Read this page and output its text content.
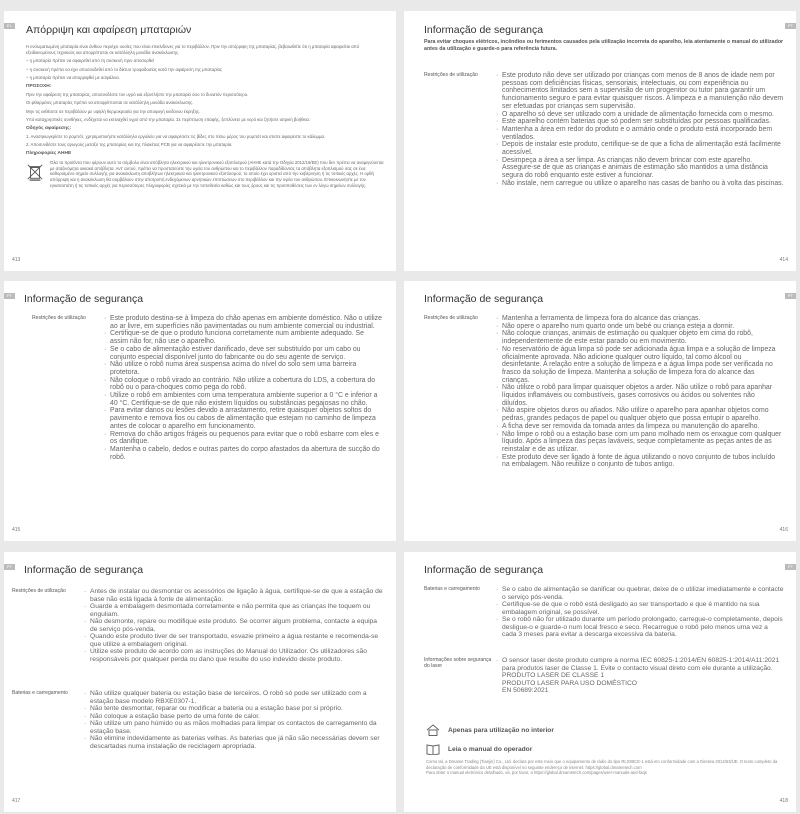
EL Απόρριψη και αφαίρεση μπαταριών

Η ενσωματωμένη μπαταρία είναι άνθιου περιέχει ουσίες που είναι επικίνδυνες για το περιβάλλον. Πριν την απόρριψη της μπαταρίας, βεβαιωθείτε ότι η μπαταρία αφαιρείται από εξειδικευμένους τεχνικούς και απορρίπτεται σε κατάλληλη μονάδα ανακύκλωσης.

– η μπαταρία πρέπει να αφαιρεθεί από τη συσκευή πριν αποσυρθεί

– η συσκευή πρέπει να έχει αποσυνδεθεί από το δίκτυο τροφοδοσίας κατά την αφαίρεση της μπαταρίας

– η μπαταρία πρέπει να απορριφθεί με ασφάλεια.

ΠΡΟΣΟΧΗ:

Πριν την αφαίρεση της μπαταρίας, αποσυνδέστε τον υγρό και εξαντλήστε την μπαταρία όσο το δυνατόν περισσότερο.

Οι φθαρμένες μπαταρίες πρέπει να αποφρίπτονται σε κατάλληλη μονάδα ανακύκλωσης.

Μην τις εκθέσετε σε περιβάλλον με υψηλή θερμοκρασία για την αποφυγή κινδύνου έκρηξης.

Υπό καταχρηστικές συνθήκες, ενδέχεται να εκτιναχθεί υγρό από την μπαταρία. Σε περίπτωση επαφής, ξεπλύνετε με νερό και ζητήστε ιατρική βοήθεια.

Οδηγός αφαίρεσης:

1. Ανασηκωγκρίστε το ρομπότ, χρησιμοποιήστε κατάλληλο εργαλείο για να αφαιρέσετε τις βίδες στο πίσω μέρος του ρομπότ και στιστε αφαιρέστε το κάλυμμα.

2. Αποσυνδέστε τους αγωγούς μεταξύ της μπαταρίας και της πλακέτας PCB για να αφαιρέσετε την μπαταρία.

Πληροφορίες ΑΗΗΕ

Όλα τα προϊόντα που φέρουν αυτό το σύμβολο είναι απόβλητα ηλεκτρικού και ηλεκτρονικού εξοπλισμού (ΑΗΗΕ κατά την Οδηγία 2012/19/ΕΕ) που δεν πρέπει να αναμιγνύονται με αταξινόμητα οικιακά απόβλητα. Αντ' αυτού, πρέπει να προστατεύετε την υγεία του ανθρώπου και το περιβάλλον παραδίδοντας τα απόβλητα εξοπλισμού σας σε ένα καθορισμένο σημείο συλλογής για ανακύκλωση αποβλήτων ηλεκτρικού και ηλεκτρονικού εξοπλισμού, το οποίο έχει οριστεί από την κυβέρνηση ή τις τοπικές αρχές. Η ορθή απόρριψη και η ανακύκλωση θα συμβάλουν στην αποτροπή ενδεχόμενων αρνητικών επιπτώσεων στο περιβάλλον και την υγεία του ανθρώπου. Επικοινωνήστε με τον εγκαταστάτη ή τις τοπικές αρχές για περισσότερες πληροφορίες σχετικά με την τοποθεσία καθώς και τους όρους και τις προϋποθέσεις των εν λόγω σημείων συλλογής.

413
PT
Informação de segurança
Para evitar choques elétricos, incêndios ou ferimentos causados pela utilização incorreta do aparelho, leia atentamente o manual do utilizador antes da utilização e guarde-o para referência futura.
Restrições de utilização	· Este produto não deve ser utilizado por crianças com menos de 8 anos de idade nem por pessoas com deficiências físicas, sensoriais, intelectuais, ou com experiência ou conhecimentos limitados sem a supervisão de um progenitor ou tutor para garantir um funcionamento seguro e para evitar quaisquer riscos. A limpeza e a manutenção não devem ser efetuadas por crianças sem supervisão.
· O aparelho só deve ser utilizado com a unidade de alimentação fornecida com o mesmo.
· Este aparelho contém baterias que só podem ser substituídas por pessoas qualificadas.
· Mantenha a área em redor do produto e o armário onde o produto está incorporado bem ventilados.
· Depois de instalar este produto, certifique-se de que a ficha de alimentação está facilmente acessível.
· Desimpeça a área a ser limpa. As crianças não devem brincar com este aparelho. Assegure-se de que as crianças e animais de estimação são mantidos a uma distância segura do robô enquanto este estiver a funcionar.
· Não instale, nem carregue ou utilize o aparelho nas casas de banho ou à volta das piscinas.
414
PT Informação de segurança
Restrições de utilização	· Este produto destina-se à limpeza do chão apenas em ambiente doméstico. Não o utilize ao ar livre, em superfícies não pavimentadas ou num ambiente comercial ou industrial.
· Certifique-se de que o produto funciona corretamente num ambiente adequado. Se assim não for, não use o aparelho.
· Se o cabo de alimentação estiver danificado, deve ser substituído por um cabo ou conjunto especial disponível junto do fabricante ou do seu agente de serviço.
· Não utilize o robô numa área suspensa acima do nível do solo sem uma barreira protetora.
· Não coloque o robô virado ao contrário. Não utilize a cobertura do LDS, a cobertura do robô ou o para-choques como pega do robô.
· Utilize o robô em ambientes com uma temperatura ambiente superior a 0 °C e inferior a 40 °C. Certifique-se de que não existem líquidos ou substâncias pegajosas no chão.
· Para evitar danos ou lesões devido a arrastamento, retire quaisquer objetos soltos do pavimento e remova fios ou cabos de alimentação que estejam no caminho de limpeza antes de colocar o aparelho em funcionamento.
· Remova do chão artigos frágeis ou pequenos para evitar que o robô esbarre com eles e os danifique.
· Mantenha o cabelo, dedos e outras partes do corpo afastados da abertura de sucção do robô.
415
PT
Informação de segurança
Restrições de utilização	· Mantenha a ferramenta de limpeza fora do alcance das crianças.
· Não opere o aparelho num quarto onde um bebé ou criança esteja a dormir.
· Não coloque crianças, animais de estimação ou qualquer objeto em cima do robô, independentemente de este estar parado ou em movimento.
· No reservatório de água limpa só pode ser adicionada água limpa e a solução de limpeza oficialmente aprovada. Não adicione qualquer outro líquido, tal como álcool ou desinfetante. A relação entre a solução de limpeza e a água limpa pode ser verificada no frasco da solução de limpeza. Mantenha a solução de limpeza fora do alcance das crianças.
· Não utilize o robô para limpar quaisquer objetos a arder. Não utilize o robô para apanhar líquidos inflamáveis ou combustíveis, gases corrosivos ou ácidos ou solventes não diluídos.
· Não aspire objetos duros ou afiados. Não utilize o aparelho para apanhar objetos como pedras, grandes pedaços de papel ou qualquer objeto que possa entupir o aparelho.
· A ficha deve ser removida da tomada antes da limpeza ou manutenção do aparelho.
· Não limpe o robô ou a estação base com um pano molhado nem os enxague com qualquer líquido. Após a limpeza das peças laváveis, seque completamente as peças antes de as reinstalar e de as utilizar.
· Este produto deve ser ligado à fonte de água utilizando o novo conjunto de tubos incluído na embalagem. Não reutilize o conjunto de tubos antigo.
416
PT Informação de segurança
Restrições de utilização	· Antes de instalar ou desmontar os acessórios de ligação à água, certifique-se de que a estação de base não está ligada à fonte de alimentação.
· Guarde a embalagem desmontada corretamente e não permita que as crianças lhe toquem ou enguliam.
· Não desmonte, repare ou modifique este produto. Se ocorrer algum problema, contacte a equipa de serviço pós-venda.
· Quando este produto tiver de ser transportado, esvazie primeiro a água restante e recomenda-se que utilize a embalagem original.
· Utilize este produto de acordo com as instruções do Manual do Utilizador. Os utilizadores são responsáveis por qualquer perda ou dano que resulte do uso indevido deste produto.
Baterias e carregamento	· Não utilize qualquer bateria ou estação base de terceiros. O robô só pode ser utilizado com a estação base modelo RBXE0307-1.
· Não tente desmontar, reparar ou modificar a bateria ou a estação base por si próprio.
· Não coloque a estação base perto de uma fonte de calor.
· Não utilize um pano húmido ou as mãos molhadas para limpar os contactos de carregamento da estação base.
· Não elimine indevidamente as baterias velhas. As baterias que já não são necessárias devem ser descartadas numa instalação de reciclagem apropriada.
417
PT
Informação de segurança
Baterias e carregamento	· Se o cabo de alimentação se danificar ou quebrar, deixe de o utilizar imediatamente e contacte o serviço pós-venda.
· Certifique-se de que o robô está desligado ao ser transportado e que é mantido na sua embalagem original, se possível.
· Se o robô não for utilizado durante um período prolongado, carregue-o completamente, depois desligue-o e guarde-o num local fresco e seco. Recarregue o robô pelo menos uma vez a cada 3 meses para evitar a descarga excessiva da bateria.
Informações sobre segurança do laser
· O sensor laser deste produto cumpre a norma IEC 60825-1:2014/EN 60825-1:2014/A11:2021 para produtos laser de Classe 1. Evite o contacto visual direto com ele durante a utilização.
PRODUTO LASER DE CLASSE 1
PRODUTO LASER PARA USO DOMÉSTICO
EN 50689:2021
Apenas para utilização no interior
Leia o manual do operador
Como tal, a Dreame Trading (Tianjin) Co., Ltd. declara por este meio que o equipamento de rádio do tipo RLX86CE-1 está em conformidade com a Diretiva 2014/53/UE. O texto completo da declaração de conformidade da UE está disponível no seguinte endereço de internet: https://global.dreametech.com
Para obter o manual eletrónico detalhado, vá, por favor, a https://global.dreametech.com/pages/user-manuals-and-faqs
418
